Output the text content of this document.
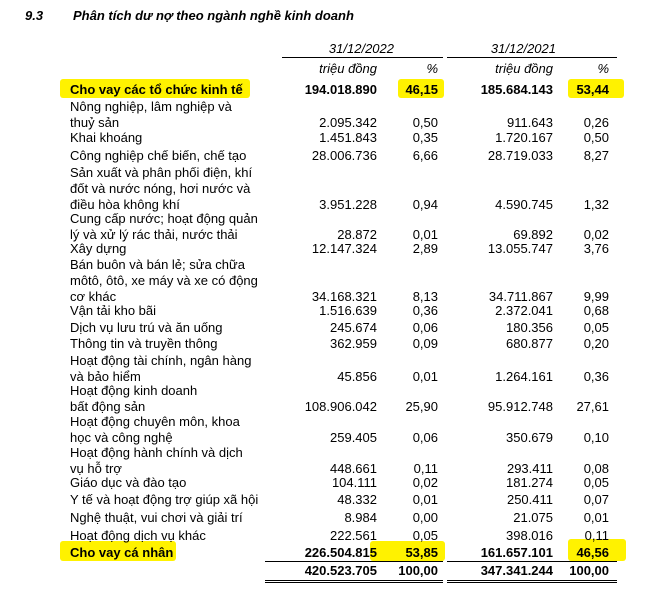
9.3 Phân tích dư nợ theo ngành nghề kinh doanh
31/12/2022	31/12/2021
triệu đồng	%	triệu đồng	%
Cho vay các tổ chức kinh tế	194.018.890 46,15	185.684.143 53,44
Nông nghiệp, lâm nghiệp và
thuỷ sản	2.095.342	0,50	911.643 0,26
Khai khoáng	1.451.843	0,35	1.720.167 0,50
Công nghiệp chế biến, chế tạo	28.006.736	6,66	28.719.033 8,27
Sản xuất và phân phối điện, khí
đốt và nước nóng, hơi nước và
điều hòa không khí	3.951.228	0,94	4.590.745 1,32
Cung cấp nước; hoạt động quản
lý và xử lý rác thải, nước thải	28.872	0,01	69.892 0,02
Xây dựng	12.147.324	2,89	13.055.747 3,76
Bán buôn và bán lẻ; sửa chữa
môtô, ôtô, xe máy và xe có động
cơ khác	34.168.321	8,13	34.711.867 9,99
Vận tải kho bãi	1.516.639	0,36	2.372.041 0,68
Dịch vụ lưu trú và ăn uống	245.674	0,06	180.356 0,05
Thông tin và truyền thông	362.959	0,09	680.877 0,20
Hoạt động tài chính, ngân hàng
và bảo hiểm	45.856	0,01	1.264.161 0,36
Hoạt động kinh doanh
bất động sản	108.906.042 25,90	95.912.748 27,61
Hoạt động chuyên môn, khoa
học và công nghệ	259.405	0,06	350.679 0,10
Hoạt động hành chính và dịch
vụ hỗ trợ	448.661	0,11	293.411 0,08
Giáo dục và đào tạo	104.111	0,02	181.274 0,05
Y tế và hoạt động trợ giúp xã hội	48.332	0,01	250.411 0,07
Nghệ thuật, vui chơi và giải trí	8.984	0,00	21.075 0,01
Hoạt động dịch vụ khác	222.561	0,05	398.016 0,11
Cho vay cá nhân	226.504.815 53,85	161.657.101 46,56
420.523.705 100,00	347.341.244 100,00
